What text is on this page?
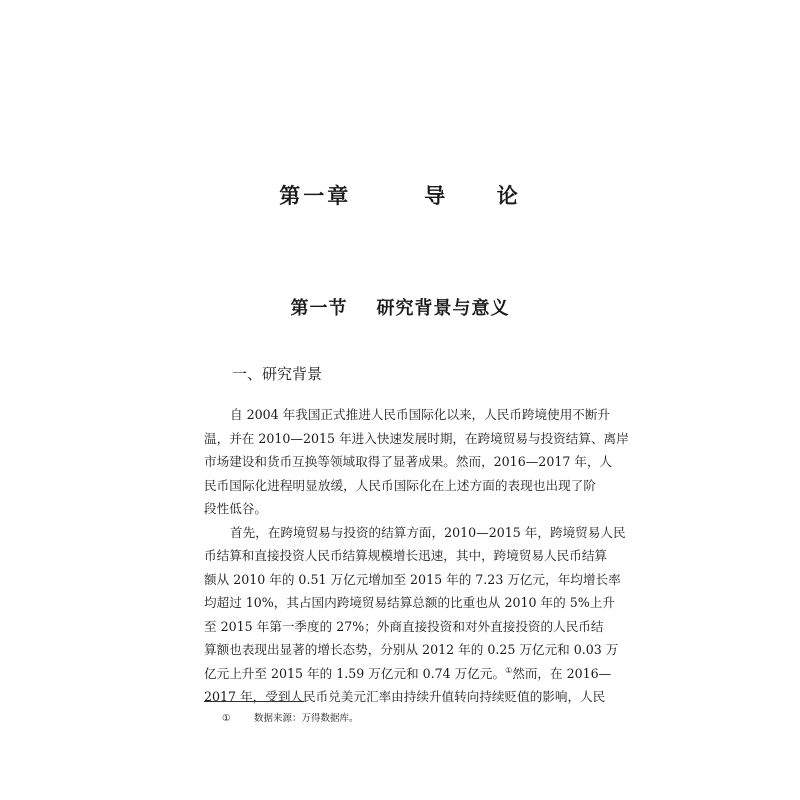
第一章   导  论
第一节    研究背景与意义
一、研究背景
自 2004 年我国正式推进人民币国际化以来，人民币跨境使用不断升
温，并在 2010—2015 年进入快速发展时期，在跨境贸易与投资结算、离岸
市场建设和货币互换等领域取得了显著成果。然而，2016—2017 年，人
民币国际化进程明显放缓，人民币国际化在上述方面的表现也出现了阶
段性低谷。
首先，在跨境贸易与投资的结算方面，2010—2015 年，跨境贸易人民
币结算和直接投资人民币结算规模增长迅速，其中，跨境贸易人民币结算
额从 2010 年的 0.51 万亿元增加至 2015 年的 7.23 万亿元，年均增长率
均超过 10%，其占国内跨境贸易结算总额的比重也从 2010 年的 5%上升
至 2015 年第一季度的 27%；外商直接投资和对外直接投资的人民币结
算额也表现出显著的增长态势，分别从 2012 年的 0.25 万亿元和 0.03 万
亿元上升至 2015 年的 1.59 万亿元和 0.74 万亿元。①然而，在 2016—
2017 年，受到人民币兑美元汇率由持续升值转向持续贬值的影响，人民
① 数据来源：万得数据库。
